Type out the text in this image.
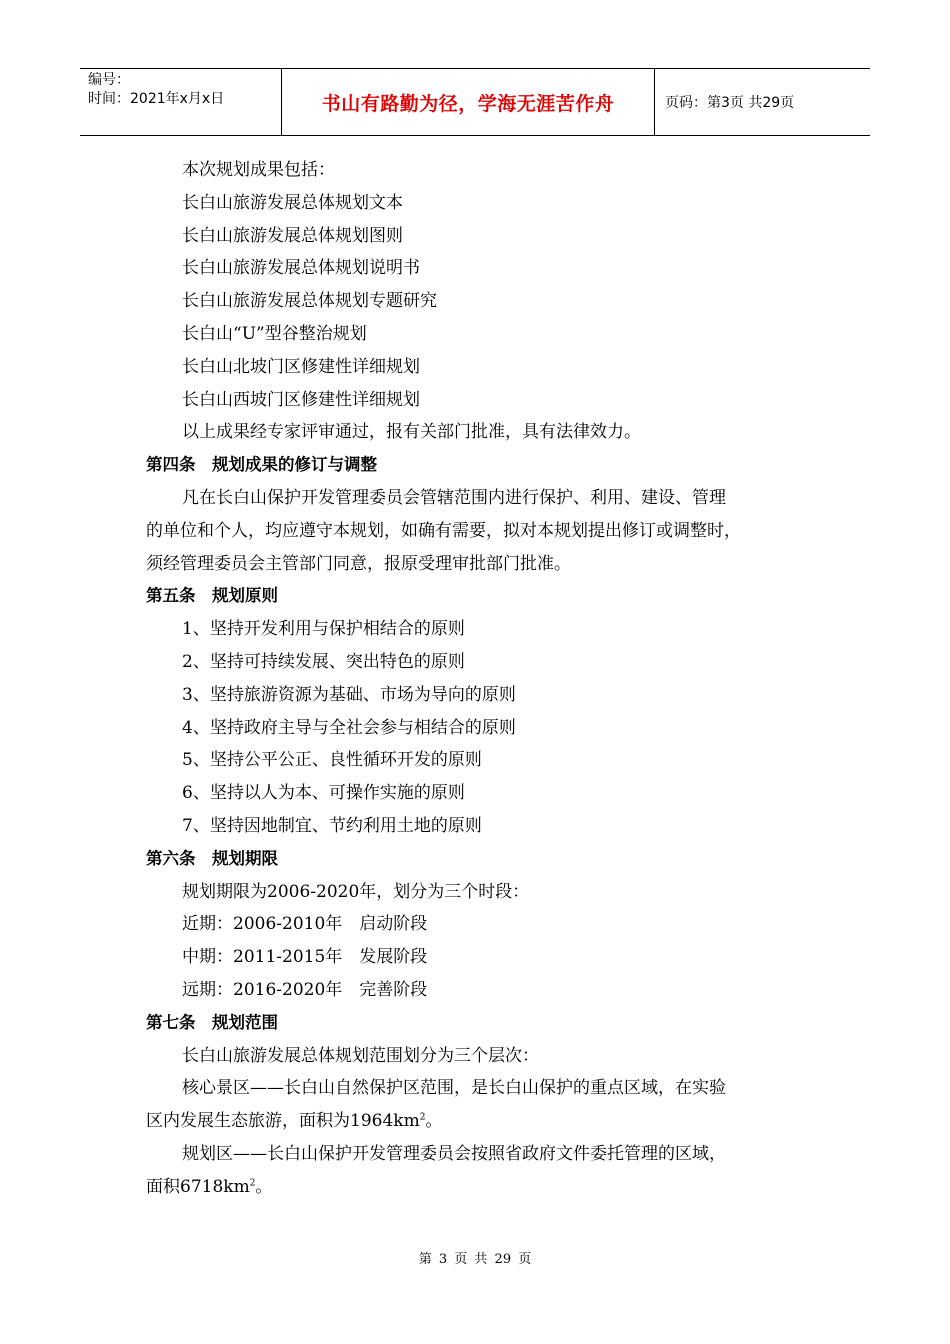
编号：
时间：2021年x月x日	书山有路勤为径，学海无涯苦作舟	页码：第3页 共29页
本次规划成果包括：
长白山旅游发展总体规划文本
长白山旅游发展总体规划图则
长白山旅游发展总体规划说明书
长白山旅游发展总体规划专题研究
长白山“U”型谷整治规划
长白山北坡门区修建性详细规划
长白山西坡门区修建性详细规划
以上成果经专家评审通过，报有关部门批准，具有法律效力。
第四条　规划成果的修订与调整
凡在长白山保护开发管理委员会管辖范围内进行保护、利用、建设、管理
的单位和个人，均应遵守本规划，如确有需要，拟对本规划提出修订或调整时，
须经管理委员会主管部门同意，报原受理审批部门批准。
第五条　规划原则
1、坚持开发利用与保护相结合的原则
2、坚持可持续发展、突出特色的原则
3、坚持旅游资源为基础、市场为导向的原则
4、坚持政府主导与全社会参与相结合的原则
5、坚持公平公正、良性循环开发的原则
6、坚持以人为本、可操作实施的原则
7、坚持因地制宜、节约利用土地的原则
第六条　规划期限
规划期限为2006-2020年，划分为三个时段：
近期：2006-2010年　启动阶段
中期：2011-2015年　发展阶段
远期：2016-2020年　完善阶段
第七条　规划范围
长白山旅游发展总体规划范围划分为三个层次：
核心景区——长白山自然保护区范围，是长白山保护的重点区域，在实验
区内发展生态旅游，面积为$1964km^2$。
规划区——长白山保护开发管理委员会按照省政府文件委托管理的区域，
面积$6718km^2$。
第 3 页 共 29 页
